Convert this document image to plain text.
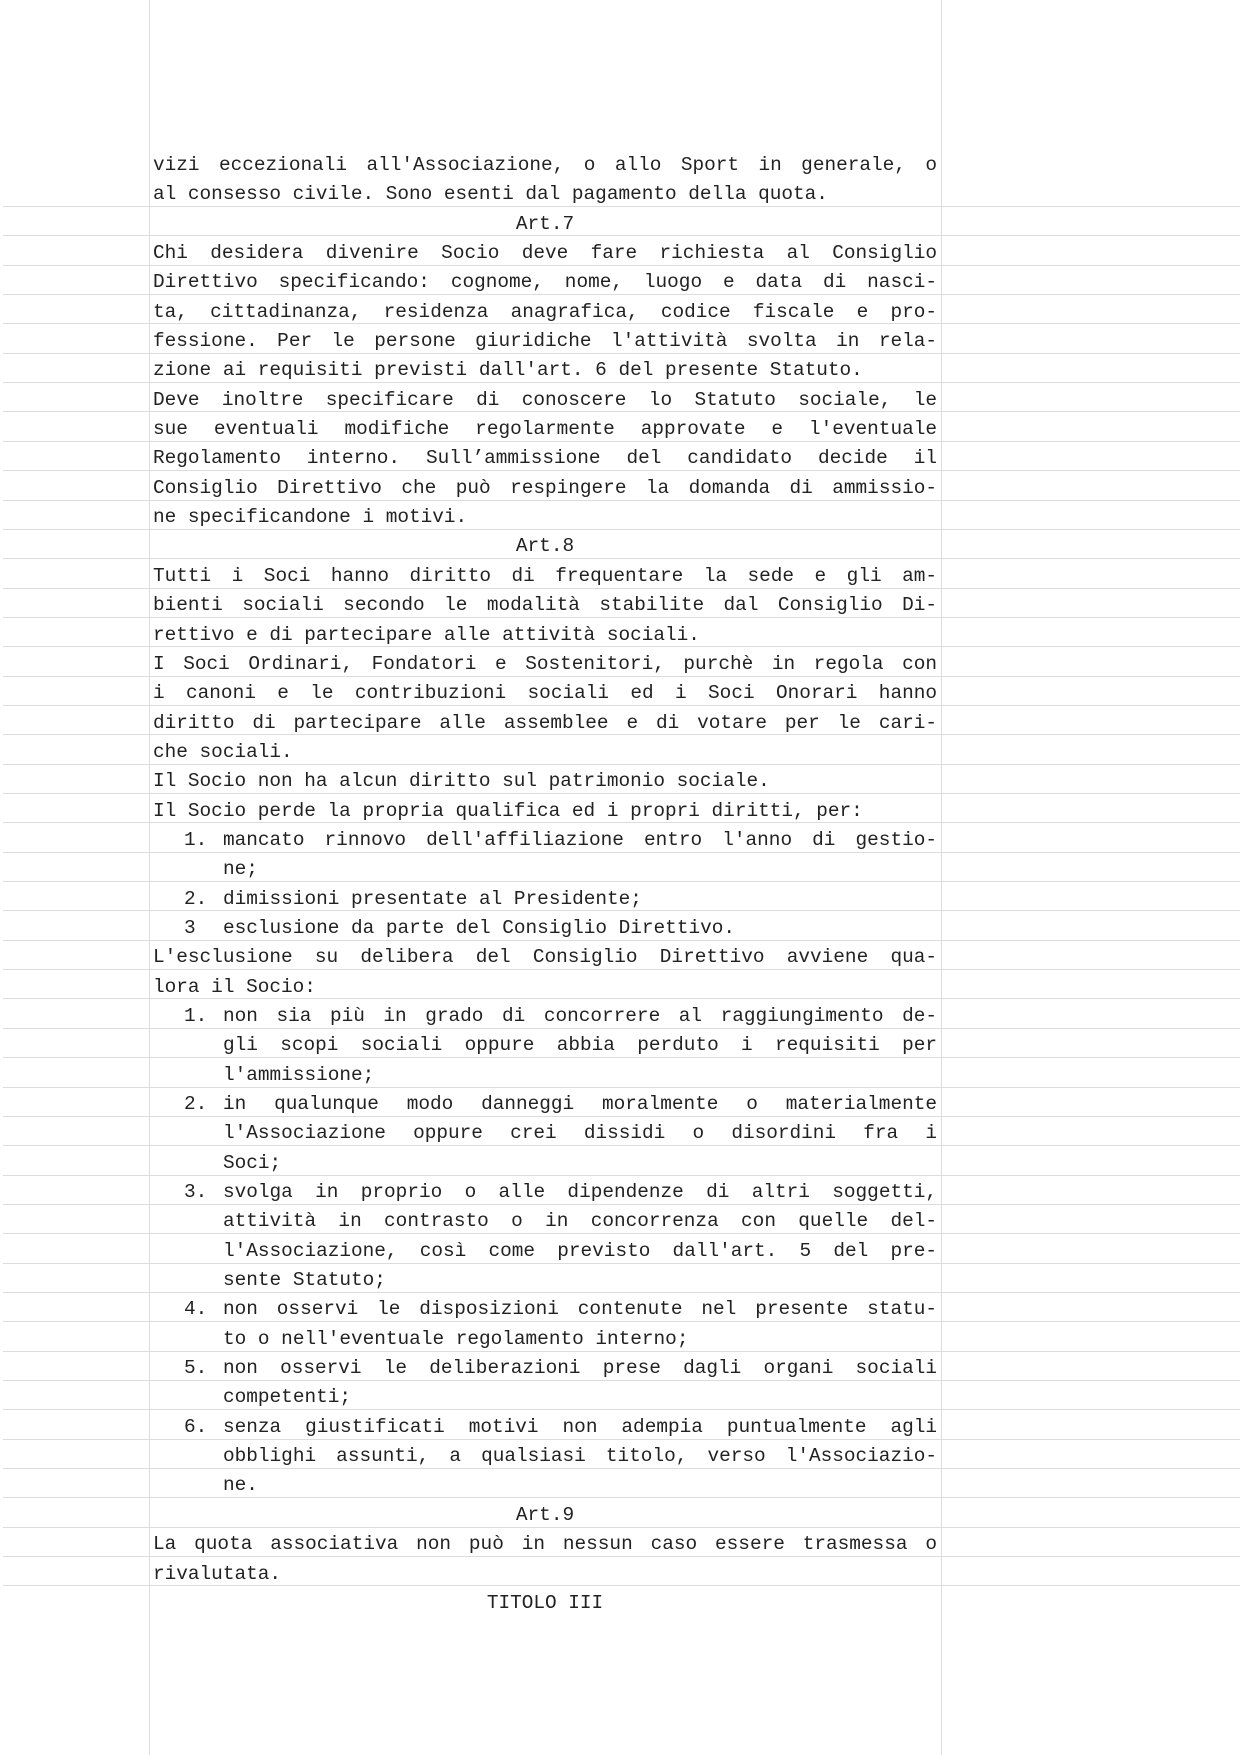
vizi eccezionali all'Associazione, o allo Sport in generale, o
al consesso civile. Sono esenti dal pagamento della quota.
Art.7
Chi desidera divenire Socio deve fare richiesta al Consiglio
Direttivo specificando: cognome, nome, luogo e data di nasci-
ta, cittadinanza, residenza anagrafica, codice fiscale e pro-
fessione. Per le persone giuridiche l'attività svolta in rela-
zione ai requisiti previsti dall'art. 6 del presente Statuto.
Deve inoltre specificare di conoscere lo Statuto sociale, le
sue eventuali modifiche regolarmente approvate e l'eventuale
Regolamento interno. Sull’ammissione del candidato decide il
Consiglio Direttivo che può respingere la domanda di ammissio-
ne specificandone i motivi.
Art.8
Tutti i Soci hanno diritto di frequentare la sede e gli am-
bienti sociali secondo le modalità stabilite dal Consiglio Di-
rettivo e di partecipare alle attività sociali.
I Soci Ordinari, Fondatori e Sostenitori, purchè in regola con
i canoni e le contribuzioni sociali ed i Soci Onorari hanno
diritto di partecipare alle assemblee e di votare per le cari-
che sociali.
Il Socio non ha alcun diritto sul patrimonio sociale.
Il Socio perde la propria qualifica ed i propri diritti, per:
1. mancato rinnovo dell'affiliazione entro l'anno di gestio-
ne;
2. dimissioni presentate al Presidente;
3 esclusione da parte del Consiglio Direttivo.
L'esclusione su delibera del Consiglio Direttivo avviene qua-
lora il Socio:
1. non sia più in grado di concorrere al raggiungimento de-
gli scopi sociali oppure abbia perduto i requisiti per
l'ammissione;
2. in qualunque modo danneggi moralmente o materialmente
l'Associazione oppure crei dissidi o disordini fra i
Soci;
3. svolga in proprio o alle dipendenze di altri soggetti,
attività in contrasto o in concorrenza con quelle del-
l'Associazione, così come previsto dall'art. 5 del pre-
sente Statuto;
4. non osservi le disposizioni contenute nel presente statu-
to o nell'eventuale regolamento interno;
5. non osservi le deliberazioni prese dagli organi sociali
competenti;
6. senza giustificati motivi non adempia puntualmente agli
obblighi assunti, a qualsiasi titolo, verso l'Associazio-
ne.
Art.9
La quota associativa non può in nessun caso essere trasmessa o
rivalutata.
TITOLO III
